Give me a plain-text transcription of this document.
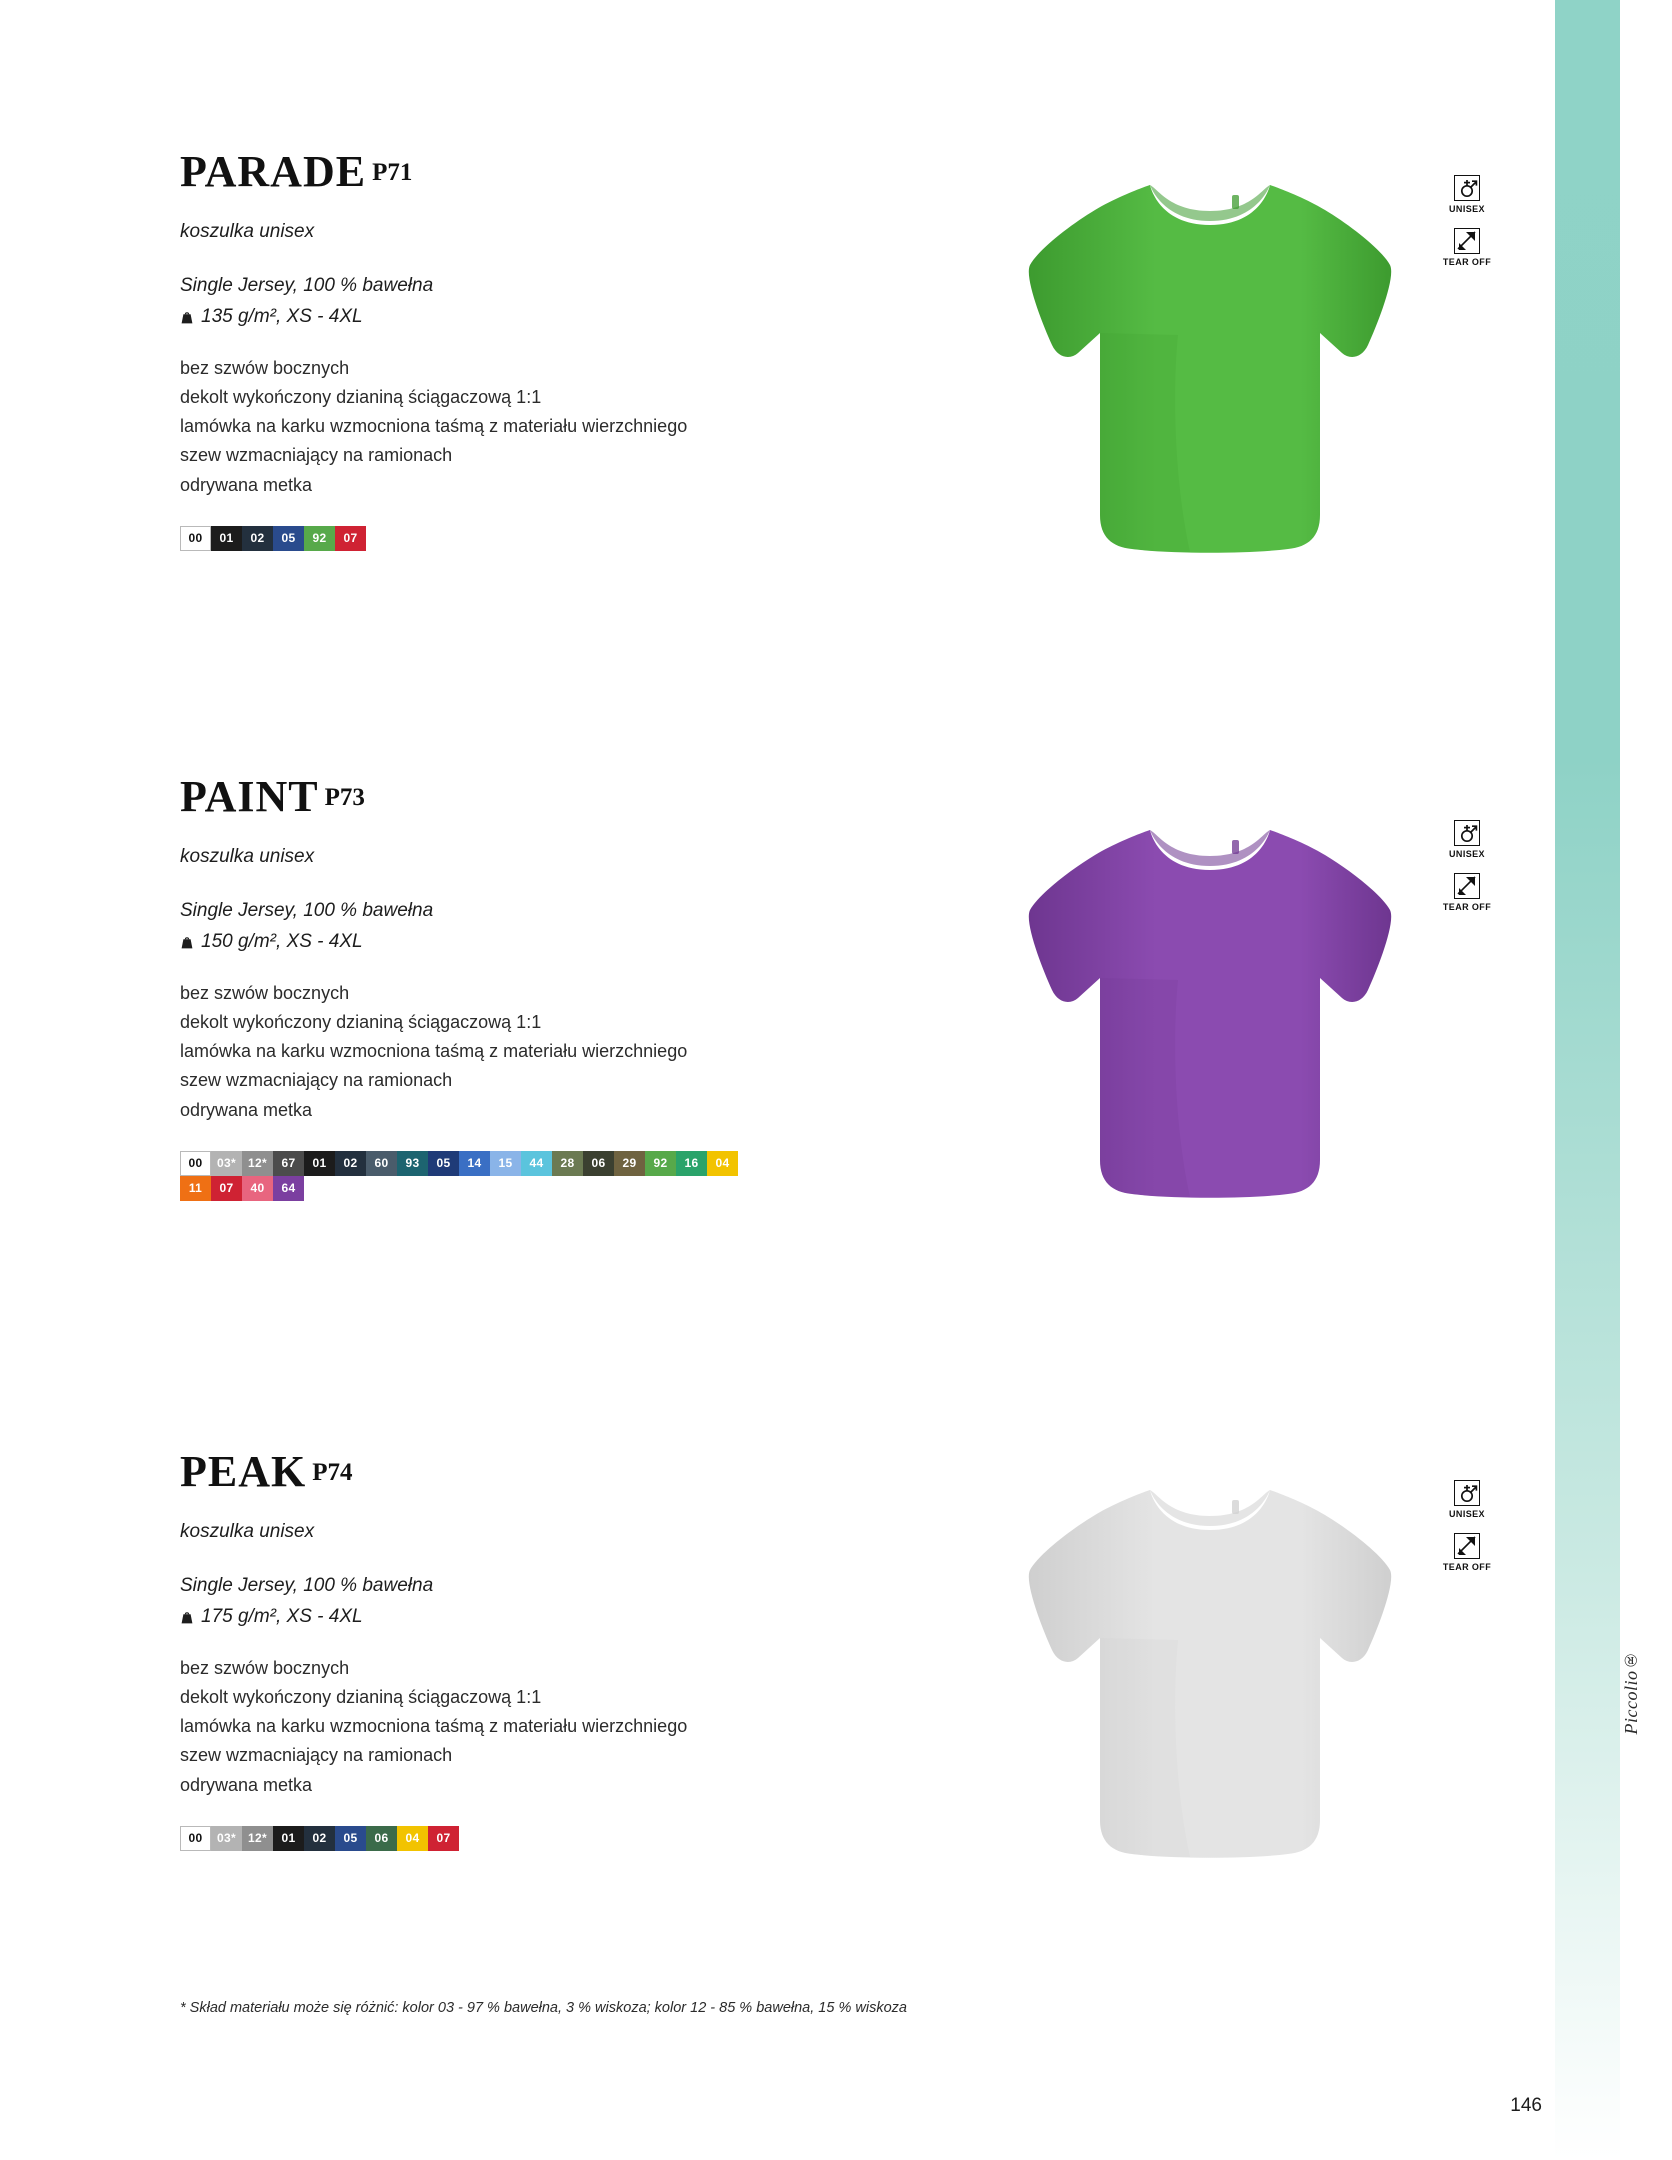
Piccolio®
PARADE P71
koszulka unisex
Single Jersey, 100 % bawełna
135 g/m², XS - 4XL
bez szwów bocznych
dekolt wykończony dzianiną ściągaczową 1:1
lamówka na karku wzmocniona taśmą z materiału wierzchniego
szew wzmacniający na ramionach
odrywana metka
00 01 02 05 92 07
UNISEX
TEAR OFF
PAINT P73
koszulka unisex
Single Jersey, 100 % bawełna
150 g/m², XS - 4XL
bez szwów bocznych
dekolt wykończony dzianiną ściągaczową 1:1
lamówka na karku wzmocniona taśmą z materiału wierzchniego
szew wzmacniający na ramionach
odrywana metka
00 03* 12* 67 01 02 60 93 05 14 15 44 28 06 29 92 16 04
11 07 40 64
UNISEX
TEAR OFF
PEAK P74
koszulka unisex
Single Jersey, 100 % bawełna
175 g/m², XS - 4XL
bez szwów bocznych
dekolt wykończony dzianiną ściągaczową 1:1
lamówka na karku wzmocniona taśmą z materiału wierzchniego
szew wzmacniający na ramionach
odrywana metka
00 03* 12* 01 02 05 06 04 07
UNISEX
TEAR OFF
* Skład materiału może się różnić: kolor 03 - 97 % bawełna, 3 % wiskoza; kolor 12 - 85 % bawełna, 15 % wiskoza
146
